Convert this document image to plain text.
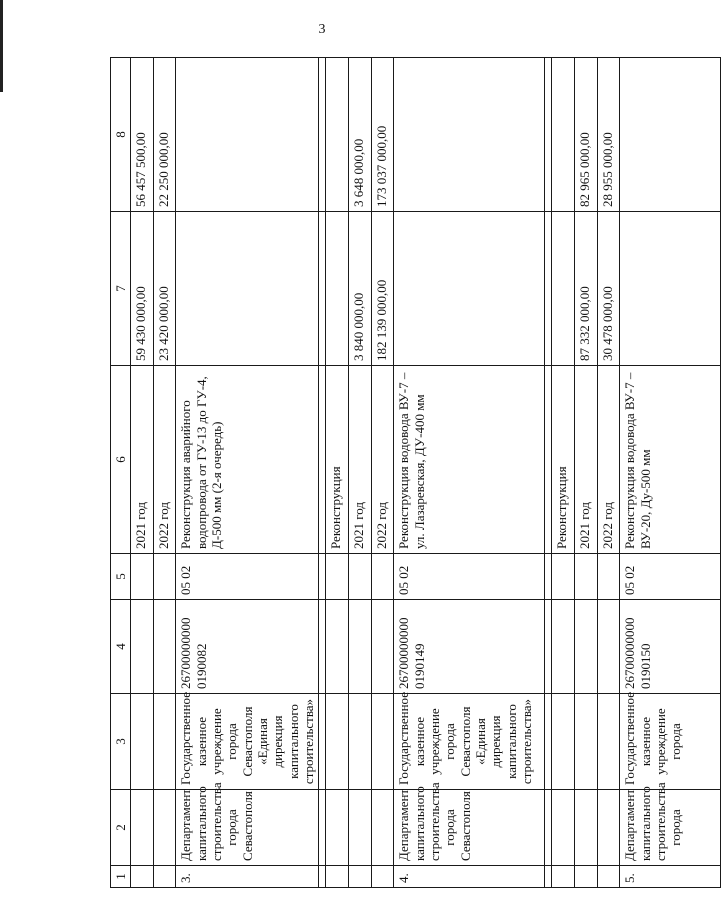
3
1	2	3	4	5	6	7	8
					2021 год	59 430 000,00	56 457 500,00
					2022 год	23 420 000,00	22 250 000,00
3.	Департамент капитального строительства города Севастополя	Государственное казенное учреждение города Севастополя «Единая дирекция капитального строительства»	26700000000 0190082	05 02	Реконструкция аварийного водопровода от ГУ-13 до ГУ-4, Д-500 мм (2-я очередь)		

					Реконструкция		
					2021 год	3 840 000,00	3 648 000,00
					2022 год	182 139 000,00	173 037 000,00
4.	Департамент капитального строительства города Севастополя	Государственное казенное учреждение города Севастополя «Единая дирекция капитального строительства»	26700000000 0190149	05 02	Реконструкция водовода ВУ-7 – ул. Лазаревская, ДУ-400 мм		

					Реконструкция		
					2021 год	87 332 000,00	82 965 000,00
					2022 год	30 478 000,00	28 955 000,00
5.	Департамент капитального строительства города	Государственное казенное учреждение города	26700000000 0190150	05 02	Реконструкция водовода ВУ-7 – ВУ-20, Ду-500 мм		
